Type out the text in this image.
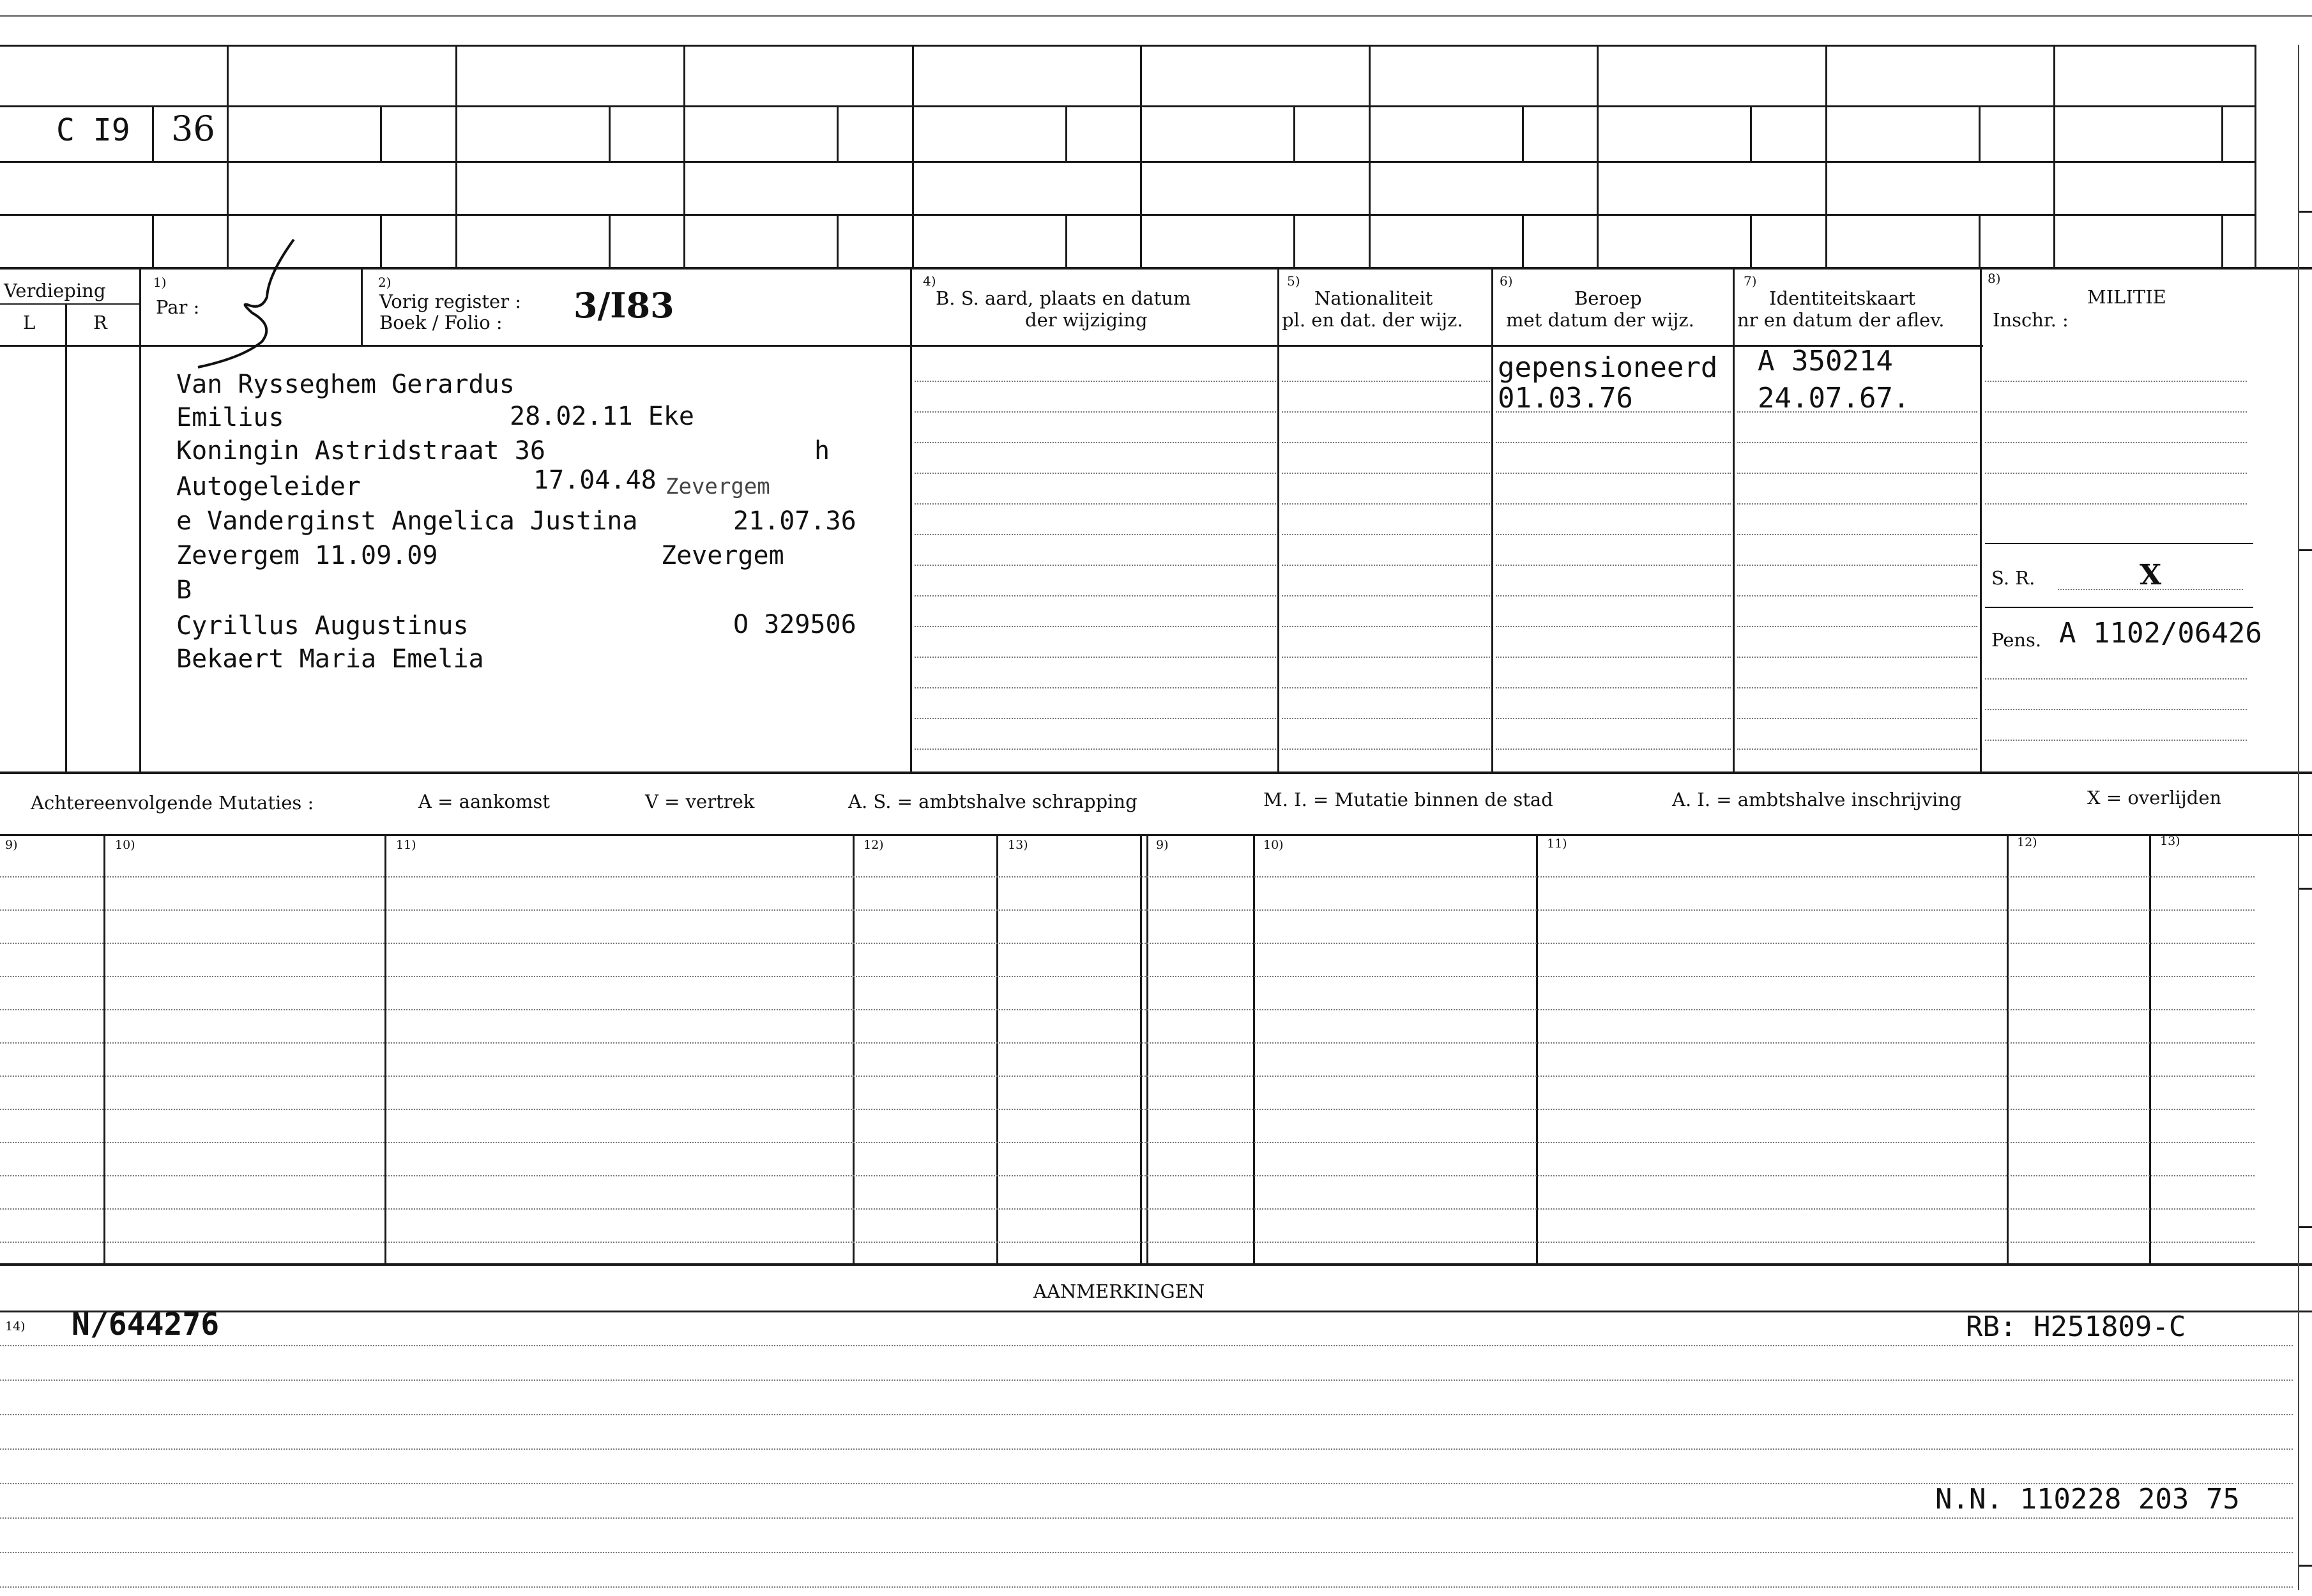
C I9 36
Verdieping
L	R
1)
Par :
2)
Vorig register :
Boek / Folio : 3/I83
4)
B. S. aard, plaats en datum
der wijziging
5)
Nationaliteit
pl. en dat. der wijz.
6)
Beroep
met datum der wijz.
7)
Identiteitskaart
nr en datum der aflev.
8)
MILITIE
Inschr. :
Van Rysseghem Gerardus
Emilius	28.02.11 Eke
Koningin Astridstraat 36	h
Autogeleider	17.04.48 Zevergem
e Vanderginst Angelica Justina	21.07.36
Zevergem 11.09.09	Zevergem
B
Cyrillus Augustinus	O 329506
Bekaert Maria Emelia
gepensioneerd
01.03.76
A 350214
24.07.67.
S. R.	X
Pens. A 1102/06426
Achtereenvolgende Mutaties :	A = aankomst	V = vertrek	A. S. = ambtshalve schrapping	M. I. = Mutatie binnen de stad	A. I. = ambtshalve inschrijving	X = overlijden
9)	10)	11)	12)	13)	9)	10)	11)	12)	13)
AANMERKINGEN
14) N/644276	RB: H251809-C
N.N. 110228 203 75
